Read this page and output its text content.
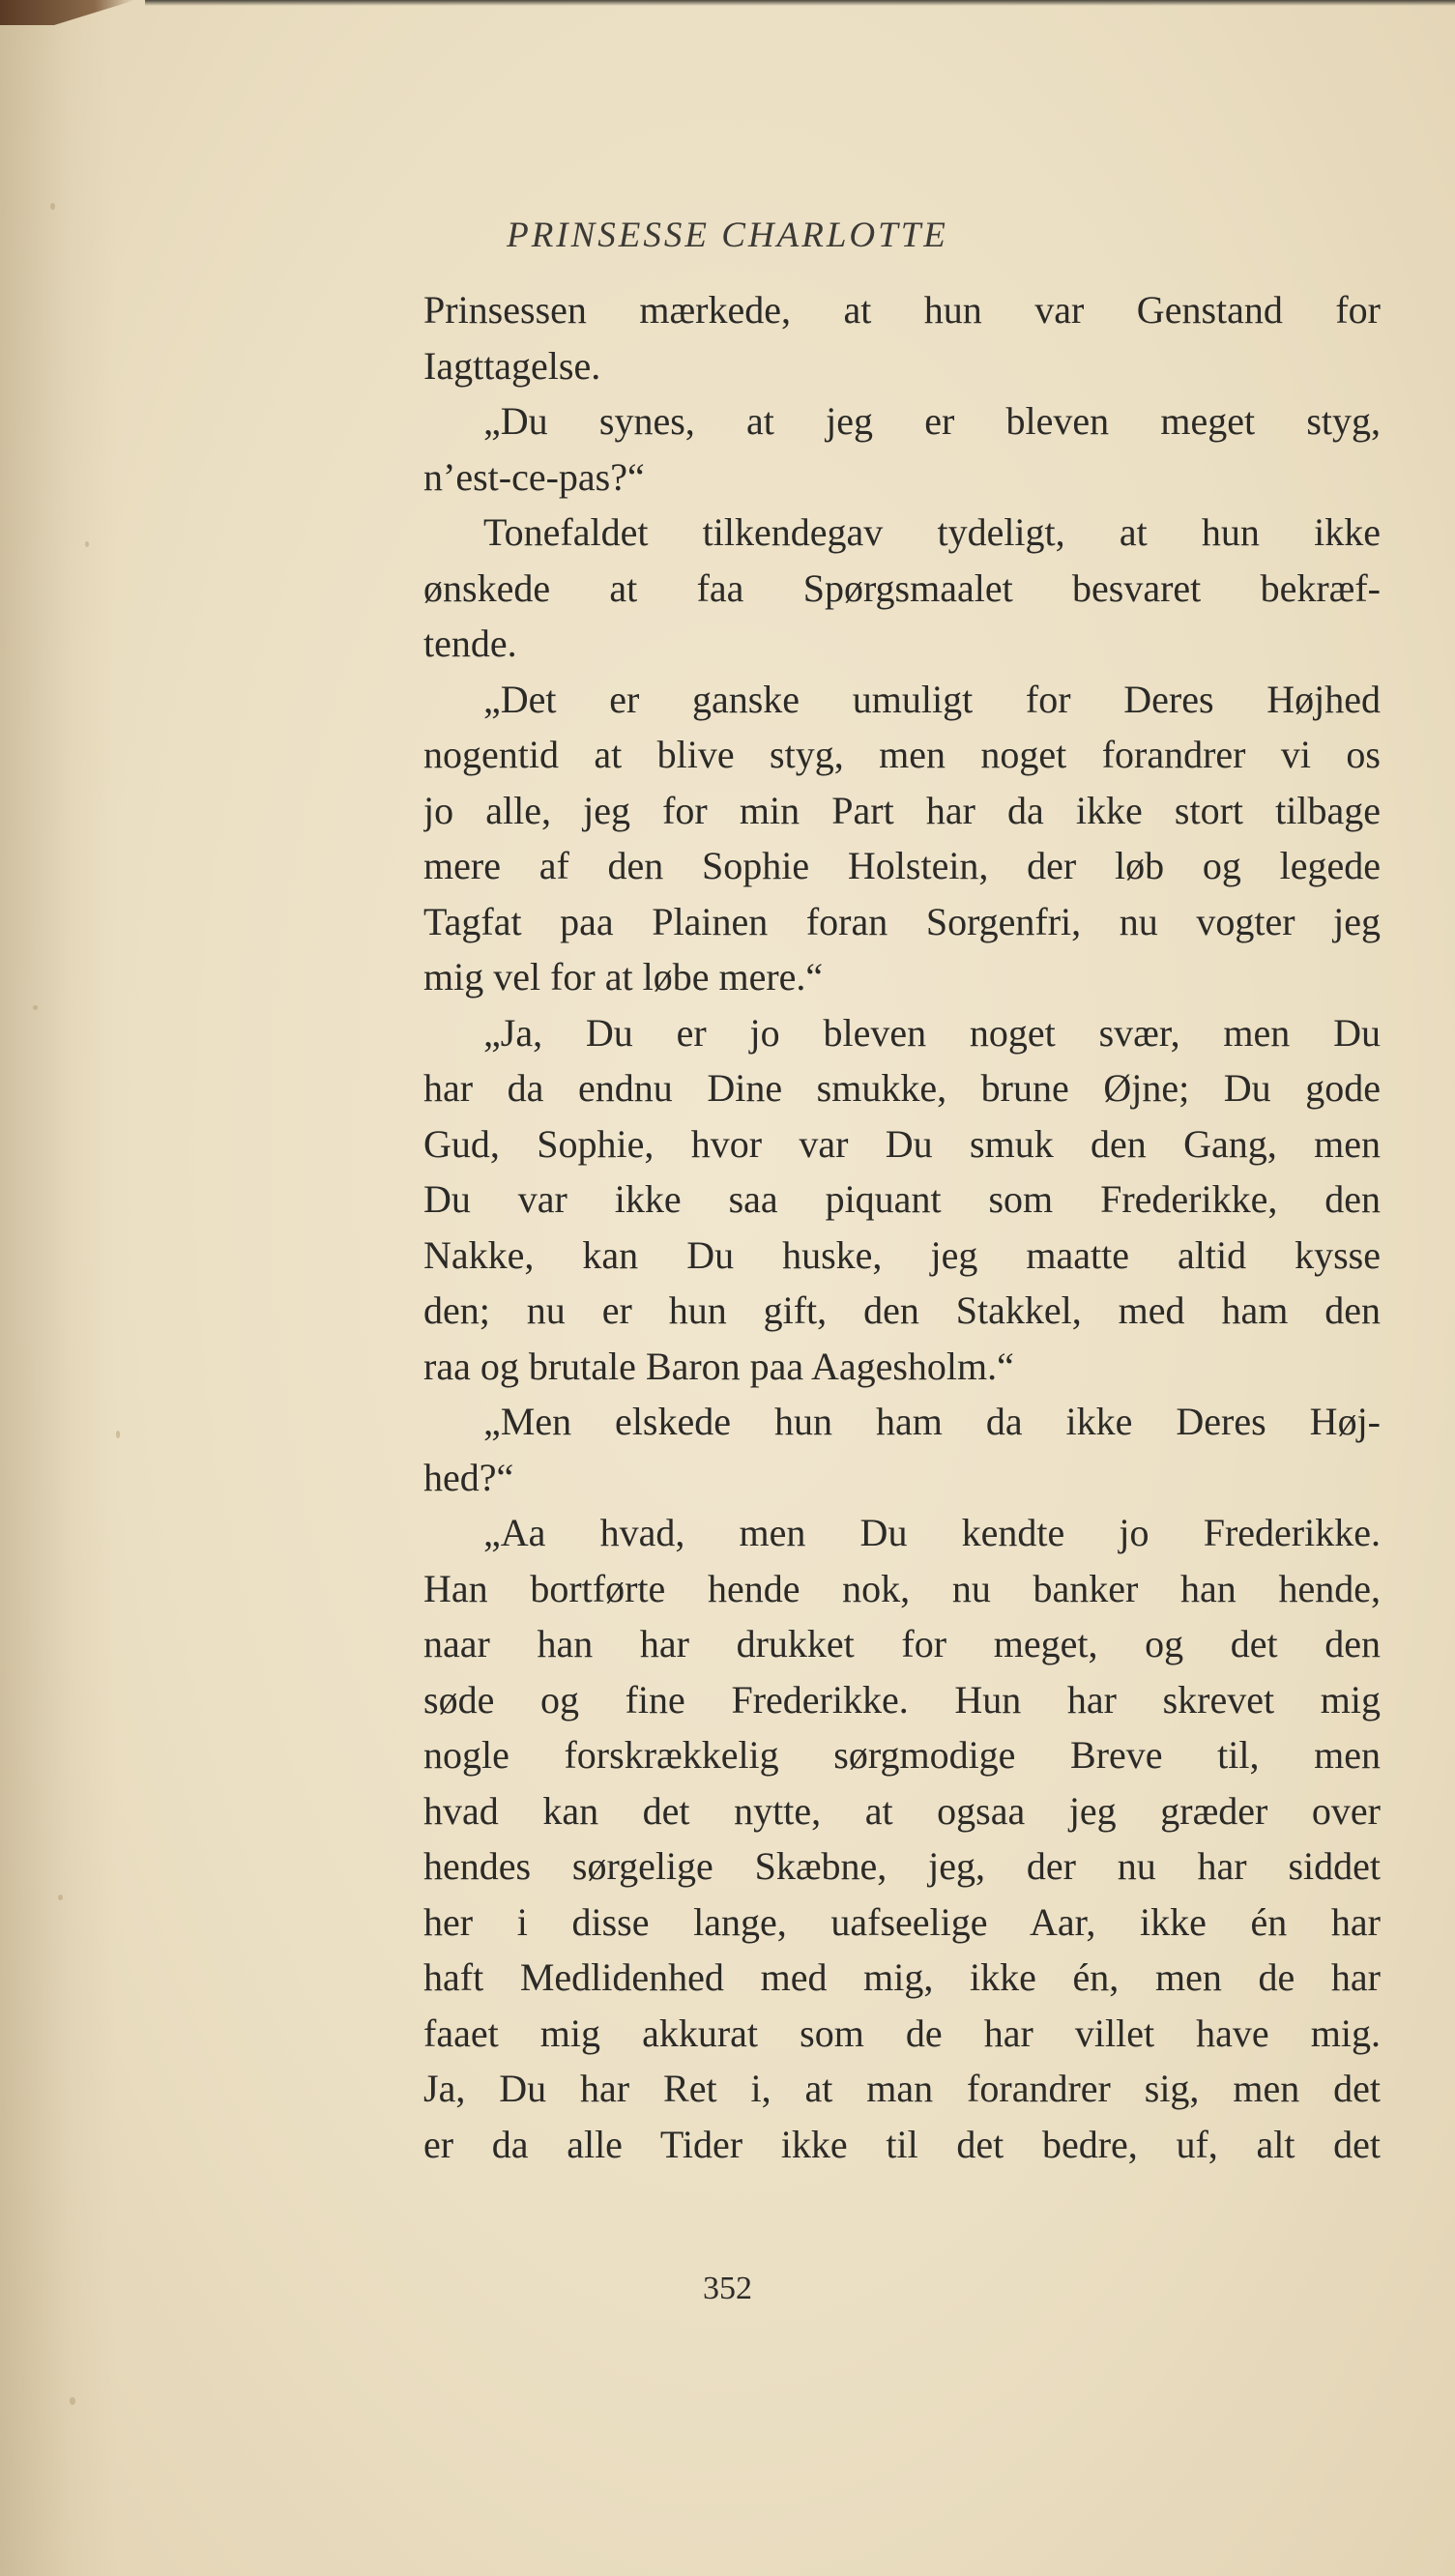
PRINSESSE CHARLOTTE
Prinsessen mærkede, at hun var Genstand for
Iagttagelse.
„Du synes, at jeg er bleven meget styg,
n’est-ce-pas?“
Tonefaldet tilkendegav tydeligt, at hun ikke
ønskede at faa Spørgsmaalet besvaret bekræf-
tende.
„Det er ganske umuligt for Deres Højhed
nogentid at blive styg, men noget forandrer vi os
jo alle, jeg for min Part har da ikke stort tilbage
mere af den Sophie Holstein, der løb og legede
Tagfat paa Plainen foran Sorgenfri, nu vogter jeg
mig vel for at løbe mere.“
„Ja, Du er jo bleven noget svær, men Du
har da endnu Dine smukke, brune Øjne; Du gode
Gud, Sophie, hvor var Du smuk den Gang, men
Du var ikke saa piquant som Frederikke, den
Nakke, kan Du huske, jeg maatte altid kysse
den; nu er hun gift, den Stakkel, med ham den
raa og brutale Baron paa Aagesholm.“
„Men elskede hun ham da ikke Deres Høj-
hed?“
„Aa hvad, men Du kendte jo Frederikke.
Han bortførte hende nok, nu banker han hende,
naar han har drukket for meget, og det den
søde og fine Frederikke. Hun har skrevet mig
nogle forskrækkelig sørgmodige Breve til, men
hvad kan det nytte, at ogsaa jeg græder over
hendes sørgelige Skæbne, jeg, der nu har siddet
her i disse lange, uafseelige Aar, ikke én har
haft Medlidenhed med mig, ikke én, men de har
faaet mig akkurat som de har villet have mig.
Ja, Du har Ret i, at man forandrer sig, men det
er da alle Tider ikke til det bedre, uf, alt det
352
